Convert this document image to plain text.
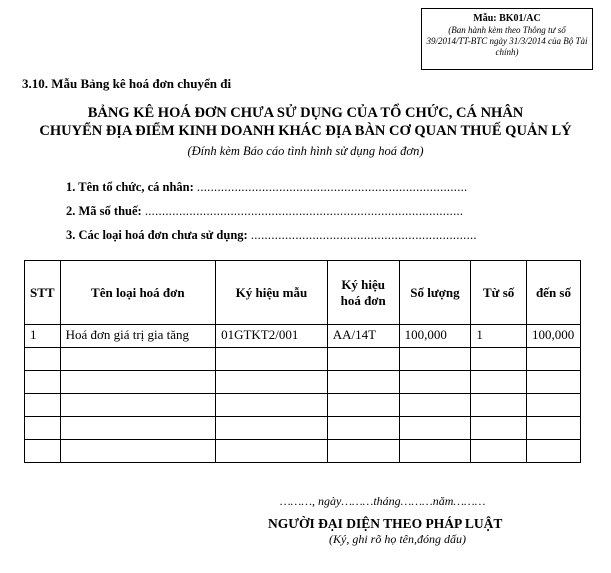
Mẫu: BK01/AC
(Ban hành kèm theo Thông tư số 39/2014/TT-BTC ngày 31/3/2014 của Bộ Tài chính)
3.10. Mẫu Bảng kê hoá đơn chuyển đi
BẢNG KÊ HOÁ ĐƠN CHƯA SỬ DỤNG CỦA TỔ CHỨC, CÁ NHÂN
CHUYỂN ĐỊA ĐIỂM KINH DOANH KHÁC ĐỊA BÀN CƠ QUAN THUẾ QUẢN LÝ
(Đính kèm Báo cáo tình hình sử dụng hoá đơn)
1. Tên tổ chức, cá nhân: ...............................................................................
2. Mã số thuế: .............................................................................................
3. Các loại hoá đơn chưa sử dụng: ..................................................................
STT	Tên loại hoá đơn	Ký hiệu mẫu	Ký hiệu hoá đơn	Số lượng	Từ số	đến số
1	Hoá đơn giá trị gia tăng	01GTKT2/001	AA/14T	100,000	1	100,000

………, ngày………tháng………năm………
NGƯỜI ĐẠI DIỆN THEO PHÁP LUẬT
(Ký, ghi rõ họ tên,đóng dấu)
